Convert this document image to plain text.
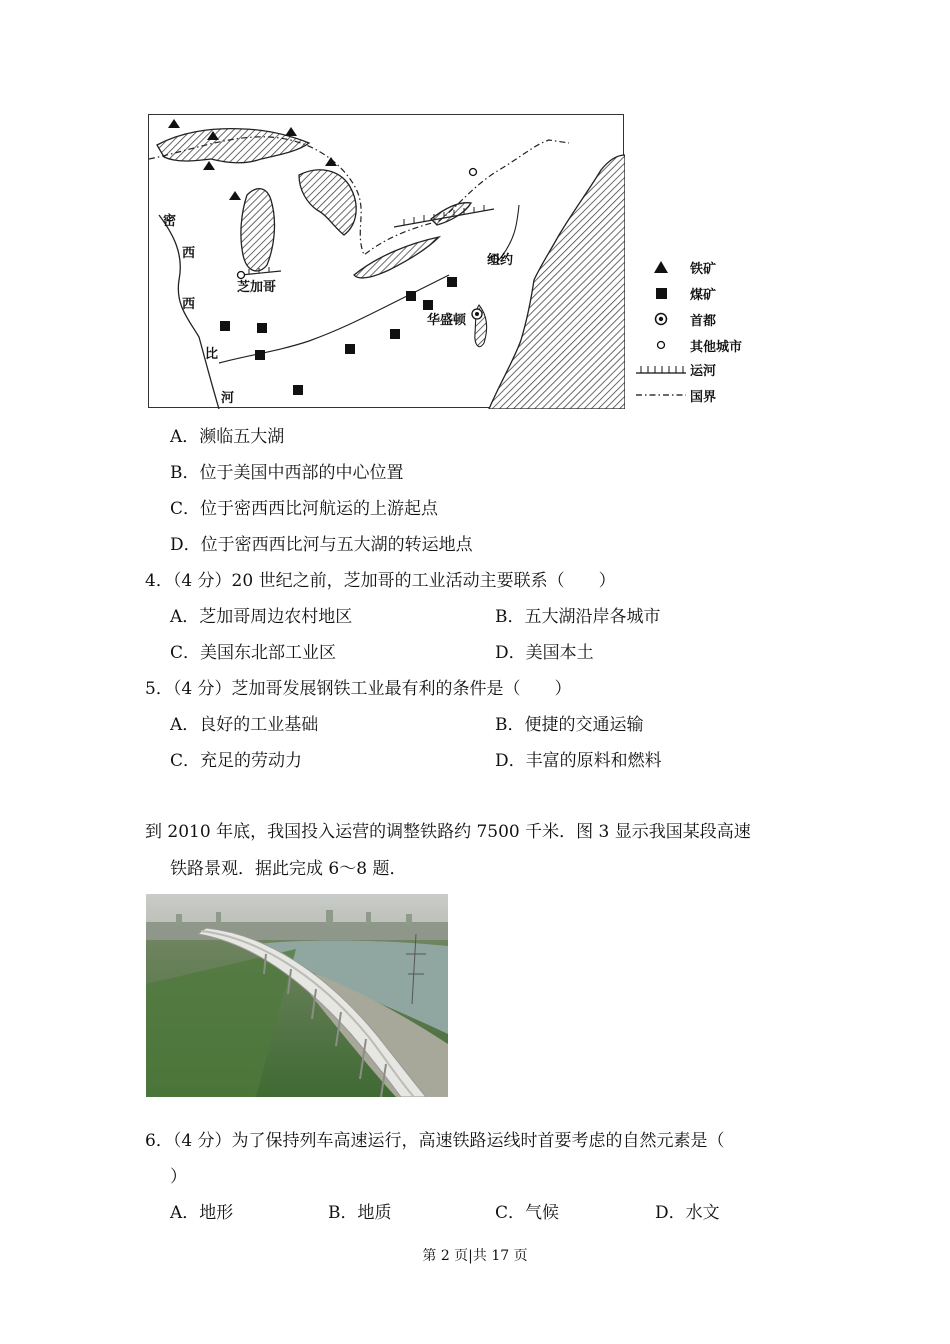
密
西
西
比
河
芝加哥
纽约
华盛顿
铁矿
煤矿
首都
其他城市
运河
国界
A．濒临五大湖
B．位于美国中西部的中心位置
C．位于密西西比河航运的上游起点
D．位于密西西比河与五大湖的转运地点
4．（4 分）20 世纪之前，芝加哥的工业活动主要联系（　　）
A．芝加哥周边农村地区	B．五大湖沿岸各城市
C．美国东北部工业区	D．美国本土
5．（4 分）芝加哥发展钢铁工业最有利的条件是（　　）
A．良好的工业基础	B．便捷的交通运输
C．充足的劳动力	D．丰富的原料和燃料
到 2010 年底，我国投入运营的调整铁路约 7500 千米．图 3 显示我国某段高速
铁路景观．据此完成 6～8 题．
6．（4 分）为了保持列车高速运行，高速铁路运线时首要考虑的自然元素是（
）
A．地形	B．地质	C．气候	D．水文
第 2 页|共 17 页
